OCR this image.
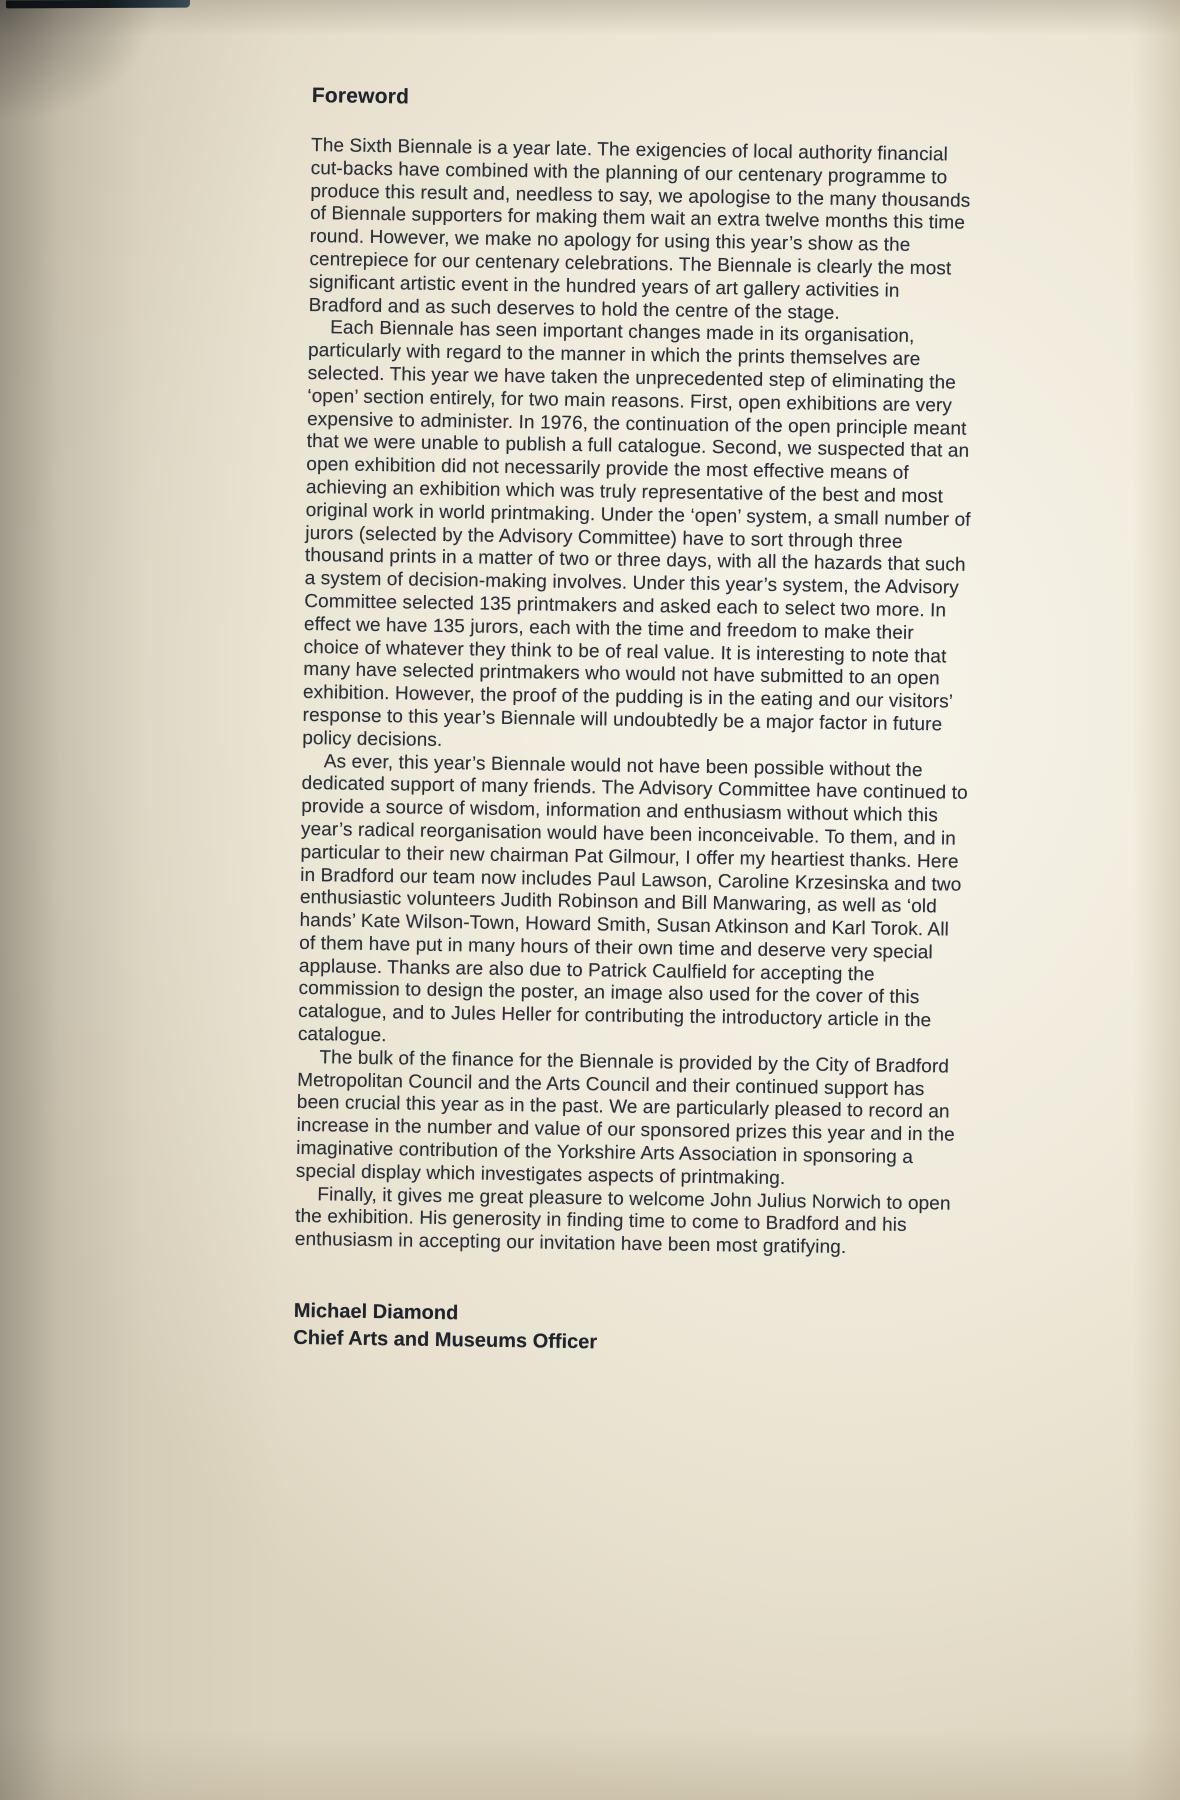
Foreword

The Sixth Biennale is a year late. The exigencies of local authority financial cut-backs have combined with the planning of our centenary programme to produce this result and, needless to say, we apologise to the many thousands of Biennale supporters for making them wait an extra twelve months this time round. However, we make no apology for using this year’s show as the centrepiece for our centenary celebrations. The Biennale is clearly the most significant artistic event in the hundred years of art gallery activities in Bradford and as such deserves to hold the centre of the stage.

Each Biennale has seen important changes made in its organisation, particularly with regard to the manner in which the prints themselves are selected. This year we have taken the unprecedented step of eliminating the ‘open’ section entirely, for two main reasons. First, open exhibitions are very expensive to administer. In 1976, the continuation of the open principle meant that we were unable to publish a full catalogue. Second, we suspected that an open exhibition did not necessarily provide the most effective means of achieving an exhibition which was truly representative of the best and most original work in world printmaking. Under the ‘open’ system, a small number of jurors (selected by the Advisory Committee) have to sort through three thousand prints in a matter of two or three days, with all the hazards that such a system of decision-making involves. Under this year’s system, the Advisory Committee selected 135 printmakers and asked each to select two more. In effect we have 135 jurors, each with the time and freedom to make their choice of whatever they think to be of real value. It is interesting to note that many have selected printmakers who would not have submitted to an open exhibition. However, the proof of the pudding is in the eating and our visitors’ response to this year’s Biennale will undoubtedly be a major factor in future policy decisions.

As ever, this year’s Biennale would not have been possible without the dedicated support of many friends. The Advisory Committee have continued to provide a source of wisdom, information and enthusiasm without which this year’s radical reorganisation would have been inconceivable. To them, and in particular to their new chairman Pat Gilmour, I offer my heartiest thanks. Here in Bradford our team now includes Paul Lawson, Caroline Krzesinska and two enthusiastic volunteers Judith Robinson and Bill Manwaring, as well as ‘old hands’ Kate Wilson-Town, Howard Smith, Susan Atkinson and Karl Torok. All of them have put in many hours of their own time and deserve very special applause. Thanks are also due to Patrick Caulfield for accepting the commission to design the poster, an image also used for the cover of this catalogue, and to Jules Heller for contributing the introductory article in the catalogue.

The bulk of the finance for the Biennale is provided by the City of Bradford Metropolitan Council and the Arts Council and their continued support has been crucial this year as in the past. We are particularly pleased to record an increase in the number and value of our sponsored prizes this year and in the imaginative contribution of the Yorkshire Arts Association in sponsoring a special display which investigates aspects of printmaking.

Finally, it gives me great pleasure to welcome John Julius Norwich to open the exhibition. His generosity in finding time to come to Bradford and his enthusiasm in accepting our invitation have been most gratifying.

Michael Diamond
Chief Arts and Museums Officer
